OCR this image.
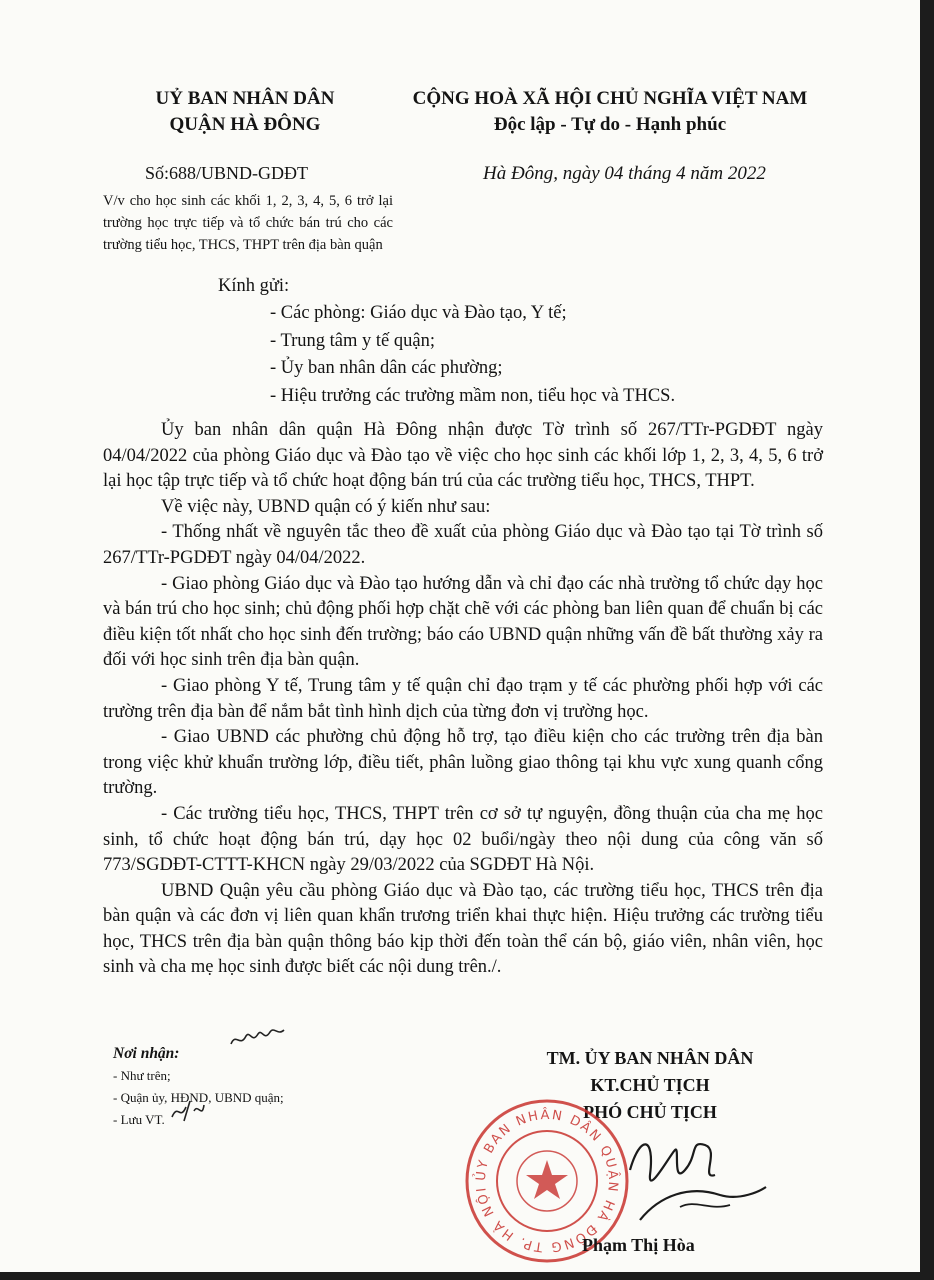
UỶ BAN NHÂN DÂN
QUẬN HÀ ĐÔNG
CỘNG HOÀ XÃ HỘI CHỦ NGHĨA VIỆT NAM
Độc lập - Tự do - Hạnh phúc
Số:688/UBND-GDĐT	Hà Đông, ngày 04 tháng 4 năm 2022
V/v cho học sinh các khối 1, 2, 3, 4, 5, 6 trở lại trường học trực tiếp và tổ chức bán trú cho các trường tiểu học, THCS, THPT trên địa bàn quận
Kính gửi:
- Các phòng: Giáo dục và Đào tạo, Y tế;
- Trung tâm y tế quận;
- Ủy ban nhân dân các phường;
- Hiệu trưởng các trường mầm non, tiểu học và THCS.

Ủy ban nhân dân quận Hà Đông nhận được Tờ trình số 267/TTr-PGDĐT ngày 04/04/2022 của phòng Giáo dục và Đào tạo về việc cho học sinh các khối lớp 1, 2, 3, 4, 5, 6 trở lại học tập trực tiếp và tổ chức hoạt động bán trú của các trường tiểu học, THCS, THPT.

Về việc này, UBND quận có ý kiến như sau:

- Thống nhất về nguyên tắc theo đề xuất của phòng Giáo dục và Đào tạo tại Tờ trình số 267/TTr-PGDĐT ngày 04/04/2022.

- Giao phòng Giáo dục và Đào tạo hướng dẫn và chỉ đạo các nhà trường tổ chức dạy học và bán trú cho học sinh; chủ động phối hợp chặt chẽ với các phòng ban liên quan để chuẩn bị các điều kiện tốt nhất cho học sinh đến trường; báo cáo UBND quận những vấn đề bất thường xảy ra đối với học sinh trên địa bàn quận.

- Giao phòng Y tế, Trung tâm y tế quận chỉ đạo trạm y tế các phường phối hợp với các trường trên địa bàn để nắm bắt tình hình dịch của từng đơn vị trường học.

- Giao UBND các phường chủ động hỗ trợ, tạo điều kiện cho các trường trên địa bàn trong việc khử khuẩn trường lớp, điều tiết, phân luồng giao thông tại khu vực xung quanh cổng trường.

- Các trường tiểu học, THCS, THPT trên cơ sở tự nguyện, đồng thuận của cha mẹ học sinh, tổ chức hoạt động bán trú, dạy học 02 buổi/ngày theo nội dung của công văn số 773/SGDĐT-CTTT-KHCN ngày 29/03/2022 của SGDĐT Hà Nội.

UBND Quận yêu cầu phòng Giáo dục và Đào tạo, các trường tiểu học, THCS trên địa bàn quận và các đơn vị liên quan khẩn trương triển khai thực hiện. Hiệu trưởng các trường tiểu học, THCS trên địa bàn quận thông báo kịp thời đến toàn thể cán bộ, giáo viên, nhân viên, học sinh và cha mẹ học sinh được biết các nội dung trên./.

Nơi nhận:
- Như trên;
- Quận ủy, HĐND, UBND quận;
- Lưu VT.
TM. ỦY BAN NHÂN DÂN
KT.CHỦ TỊCH
PHÓ CHỦ TỊCH
ỦY BAN NHÂN DÂN QUẬN HÀ ĐÔNG TP. HÀ NỘI
Phạm Thị Hòa
